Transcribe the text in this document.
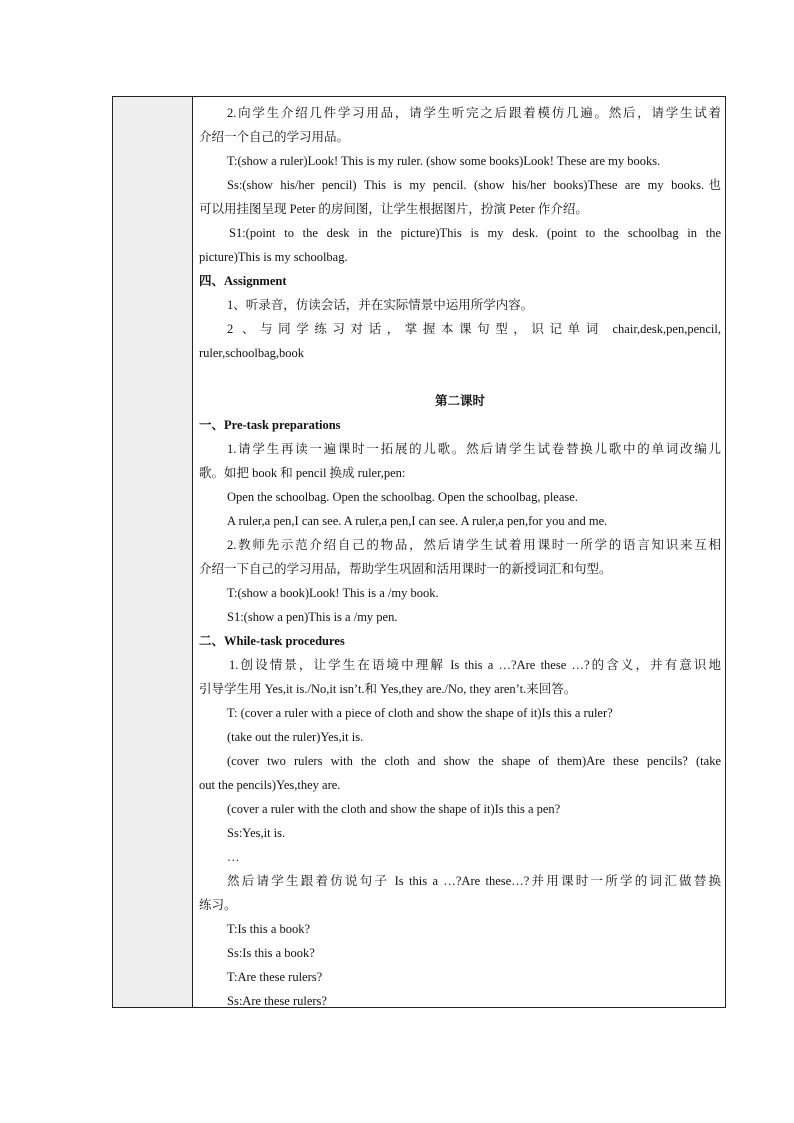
2.向学生介绍几件学习用品，请学生听完之后跟着模仿几遍。然后，请学生试着
介绍一个自己的学习用品。
T:(show a ruler)Look! This is my ruler. (show some books)Look! These are my books.
Ss:(show his/her pencil) This is my pencil. (show his/her books)These are my books.也
可以用挂图呈现 Peter 的房间图，让学生根据图片，扮演 Peter 作介绍。
S1:(point to the desk in the picture)This is my desk. (point to the schoolbag in the
picture)This is my schoolbag.
四、Assignment
1、听录音，仿读会话，并在实际情景中运用所学内容。
2 、与同学练习对话，掌握本课句型，识记单词 chair,desk,pen,pencil,
ruler,schoolbag,book
第二课时
一、Pre-task preparations
1.请学生再读一遍课时一拓展的儿歌。然后请学生试卷替换儿歌中的单词改编儿
歌。如把 book 和 pencil 换成 ruler,pen:
Open the schoolbag. Open the schoolbag. Open the schoolbag, please.
A ruler,a pen,I can see. A ruler,a pen,I can see. A ruler,a pen,for you and me.
2.教师先示范介绍自己的物品，然后请学生试着用课时一所学的语言知识来互相
介绍一下自己的学习用品，帮助学生巩固和活用课时一的新授词汇和句型。
T:(show a book)Look! This is a /my book.
S1:(show a pen)This is a /my pen.
二、While-task procedures
1.创设情景，让学生在语境中理解 Is this a …?Are these …?的含义，并有意识地
引导学生用 Yes,it is./No,it isn’t.和 Yes,they are./No, they aren’t.来回答。
T: (cover a ruler with a piece of cloth and show the shape of it)Is this a ruler?
(take out the ruler)Yes,it is.
(cover two rulers with the cloth and show the shape of them)Are these pencils? (take
out the pencils)Yes,they are.
(cover a ruler with the cloth and show the shape of it)Is this a pen?
Ss:Yes,it is.
…
然后请学生跟着仿说句子 Is this a …?Are these…?并用课时一所学的词汇做替换
练习。
T:Is this a book?
Ss:Is this a book?
T:Are these rulers?
Ss:Are these rulers?
